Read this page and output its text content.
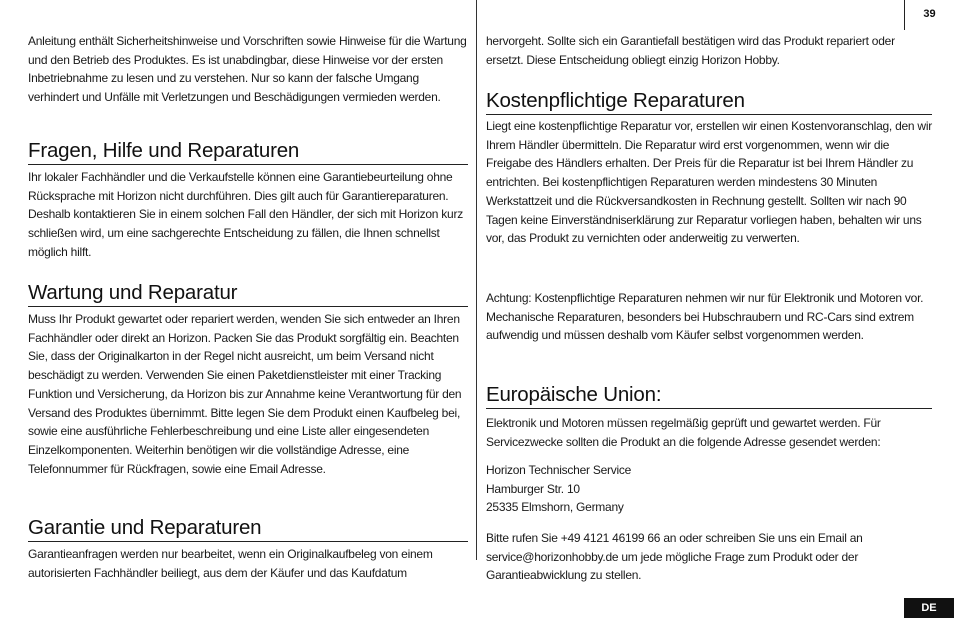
39

Anleitung enthält Sicherheitshinweise und Vorschriften sowie Hinweise für die Wartung und den Betrieb des Produktes. Es ist unabdingbar, diese Hinweise vor der ersten Inbetriebnahme zu lesen und zu verstehen. Nur so kann der falsche Umgang verhindert und Unfälle mit Verletzungen und Beschädigungen vermieden werden.

Fragen, Hilfe und Reparaturen

Ihr lokaler Fachhändler und die Verkaufstelle können eine Garantiebeurteilung ohne Rücksprache mit Horizon nicht durchführen. Dies gilt auch für Garantiereparaturen. Deshalb kontaktieren Sie in einem solchen Fall den Händler, der sich mit Horizon kurz schließen wird, um eine sachgerechte Entscheidung zu fällen, die Ihnen schnellst möglich hilft.

Wartung und Reparatur

Muss Ihr Produkt gewartet oder repariert werden, wenden Sie sich entweder an Ihren Fachhändler oder direkt an Horizon. Packen Sie das Produkt sorgfältig ein. Beachten Sie, dass der Originalkarton in der Regel nicht ausreicht, um beim Versand nicht beschädigt zu werden. Verwenden Sie einen Paketdienstleister mit einer Tracking Funktion und Versicherung, da Horizon bis zur Annahme keine Verantwortung für den Versand des Produktes übernimmt. Bitte legen Sie dem Produkt einen Kaufbeleg bei, sowie eine ausführliche Fehlerbeschreibung und eine Liste aller eingesendeten Einzelkomponenten. Weiterhin benötigen wir die vollständige Adresse, eine Telefonnummer für Rückfragen, sowie eine Email Adresse.

Garantie und Reparaturen

Garantieanfragen werden nur bearbeitet, wenn ein Originalkaufbeleg von einem autorisierten Fachhändler beiliegt, aus dem der Käufer und das Kaufdatum

hervorgeht. Sollte sich ein Garantiefall bestätigen wird das Produkt repariert oder ersetzt. Diese Entscheidung obliegt einzig Horizon Hobby.

Kostenpflichtige Reparaturen

Liegt eine kostenpflichtige Reparatur vor, erstellen wir einen Kostenvoranschlag, den wir Ihrem Händler übermitteln. Die Reparatur wird erst vorgenommen, wenn wir die Freigabe des Händlers erhalten. Der Preis für die Reparatur ist bei Ihrem Händler zu entrichten. Bei kostenpflichtigen Reparaturen werden mindestens 30 Minuten Werkstattzeit und die Rückversandkosten in Rechnung gestellt. Sollten wir nach 90 Tagen keine Einverständniserklärung zur Reparatur vorliegen haben, behalten wir uns vor, das Produkt zu vernichten oder anderweitig zu verwerten.

Achtung: Kostenpflichtige Reparaturen nehmen wir nur für Elektronik und Motoren vor. Mechanische Reparaturen, besonders bei Hubschraubern und RC-Cars sind extrem aufwendig und müssen deshalb vom Käufer selbst vorgenommen werden.

Europäische Union:

Elektronik und Motoren müssen regelmäßig geprüft und gewartet werden. Für Servicezwecke sollten die Produkt an die folgende Adresse gesendet werden:

Horizon Technischer Service
Hamburger Str. 10
25335 Elmshorn, Germany

Bitte rufen Sie +49 4121 46199 66 an oder schreiben Sie uns ein Email an service@horizonhobby.de um jede mögliche Frage zum Produkt oder der Garantieabwicklung zu stellen.

DE
